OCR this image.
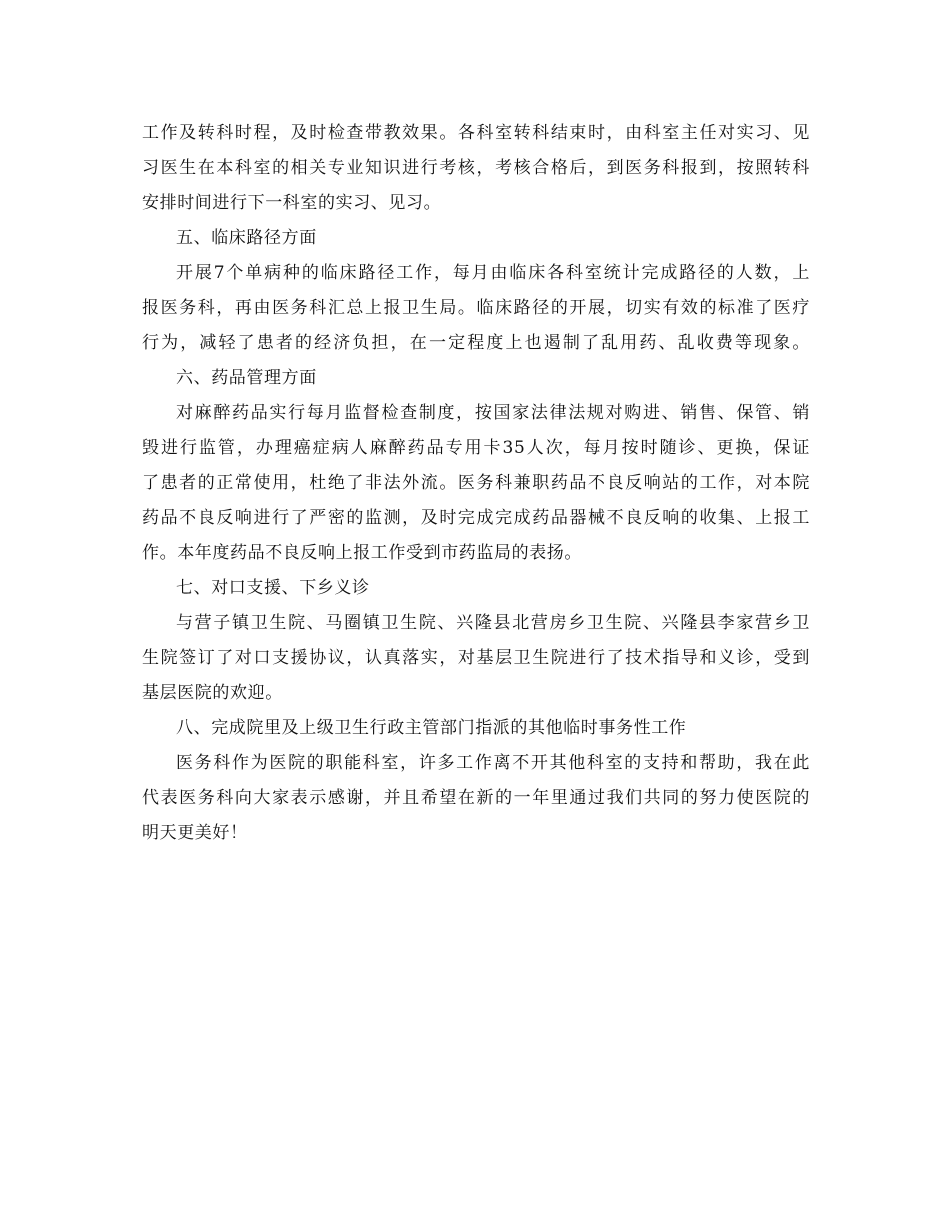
工作及转科时程，及时检查带教效果。各科室转科结束时，由科室主任对实习、见
习医生在本科室的相关专业知识进行考核，考核合格后，到医务科报到，按照转科
安排时间进行下一科室的实习、见习。
五、临床路径方面
开展7个单病种的临床路径工作，每月由临床各科室统计完成路径的人数，上
报医务科，再由医务科汇总上报卫生局。临床路径的开展，切实有效的标准了医疗
行为，减轻了患者的经济负担，在一定程度上也遏制了乱用药、乱收费等现象。
六、药品管理方面
对麻醉药品实行每月监督检查制度，按国家法律法规对购进、销售、保管、销
毁进行监管，办理癌症病人麻醉药品专用卡35人次，每月按时随诊、更换，保证
了患者的正常使用，杜绝了非法外流。医务科兼职药品不良反响站的工作，对本院
药品不良反响进行了严密的监测，及时完成完成药品器械不良反响的收集、上报工
作。本年度药品不良反响上报工作受到市药监局的表扬。
七、对口支援、下乡义诊
与营子镇卫生院、马圈镇卫生院、兴隆县北营房乡卫生院、兴隆县李家营乡卫
生院签订了对口支援协议，认真落实，对基层卫生院进行了技术指导和义诊，受到
基层医院的欢迎。
八、完成院里及上级卫生行政主管部门指派的其他临时事务性工作
医务科作为医院的职能科室，许多工作离不开其他科室的支持和帮助，我在此
代表医务科向大家表示感谢，并且希望在新的一年里通过我们共同的努力使医院的
明天更美好！
